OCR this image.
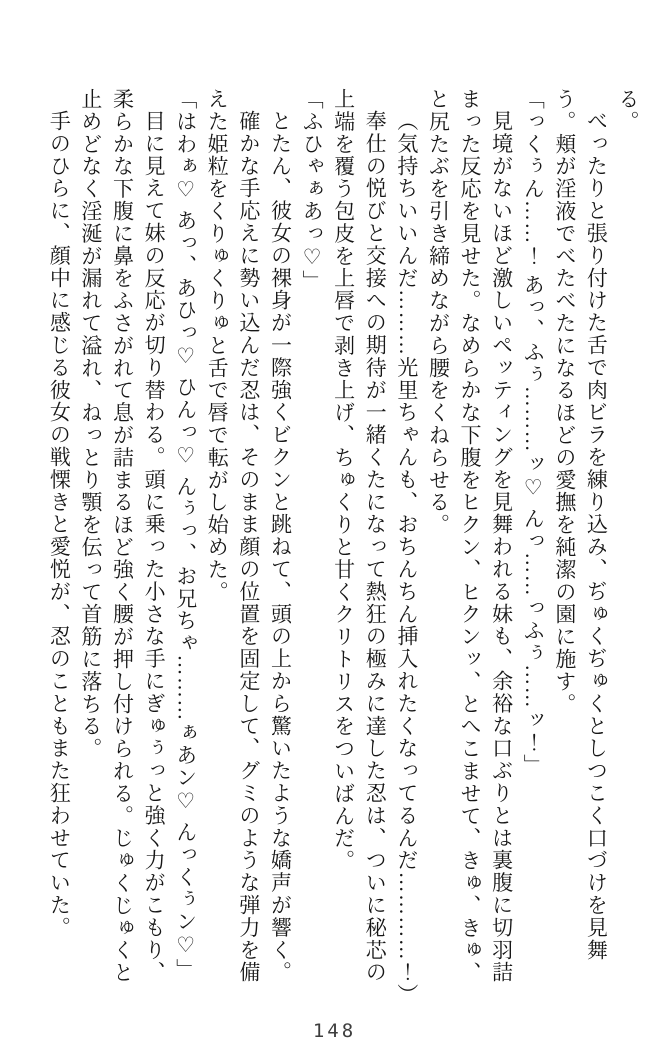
る。

べったりと張り付けた舌で肉ビラを練り込み、ぢゅくぢゅくとしつこく口づけを見舞

う。頬が淫液でべたべたになるほどの愛撫を純潔の園に施す。

「っくぅん……！ あっ、ふぅ………ッ♡ んっ……っふぅ……ッ！」

見境がないほど激しいペッティングを見舞われる妹も、余裕な口ぶりとは裏腹に切羽詰

まった反応を見せた。なめらかな下腹をヒクン、ヒクンッ、とへこませて、きゅ、きゅ、

と尻たぶを引き締めながら腰をくねらせる。

（気持ちいいんだ………光里ちゃんも、おちんちん挿入れたくなってるんだ…………！）

奉仕の悦びと交接への期待が一緒くたになって熱狂の極みに達した忍は、ついに秘芯の

上端を覆う包皮を上唇で剥き上げ、ちゅくりと甘くクリトリスをついばんだ。

「ふひゃぁあっ♡」

とたん、彼女の裸身が一際強くビクンと跳ねて、頭の上から驚いたような嬌声が響く。

確かな手応えに勢い込んだ忍は、そのまま顔の位置を固定して、グミのような弾力を備

えた姫粒をくりゅくりゅと舌で唇で転がし始めた。

「はわぁ♡ あっ、あひっ♡ ひんっ♡ んぅっ、お兄ちゃ………ぁあン♡ んっくぅン♡」

目に見えて妹の反応が切り替わる。頭に乗った小さな手にぎゅぅっと強く力がこもり、

柔らかな下腹に鼻をふさがれて息が詰まるほど強く腰が押し付けられる。じゅくじゅくと

止めどなく淫涎が漏れて溢れ、ねっとり顎を伝って首筋に落ちる。

手のひらに、顔中に感じる彼女の戦慄きと愛悦が、忍のこともまた狂わせていた。

148
